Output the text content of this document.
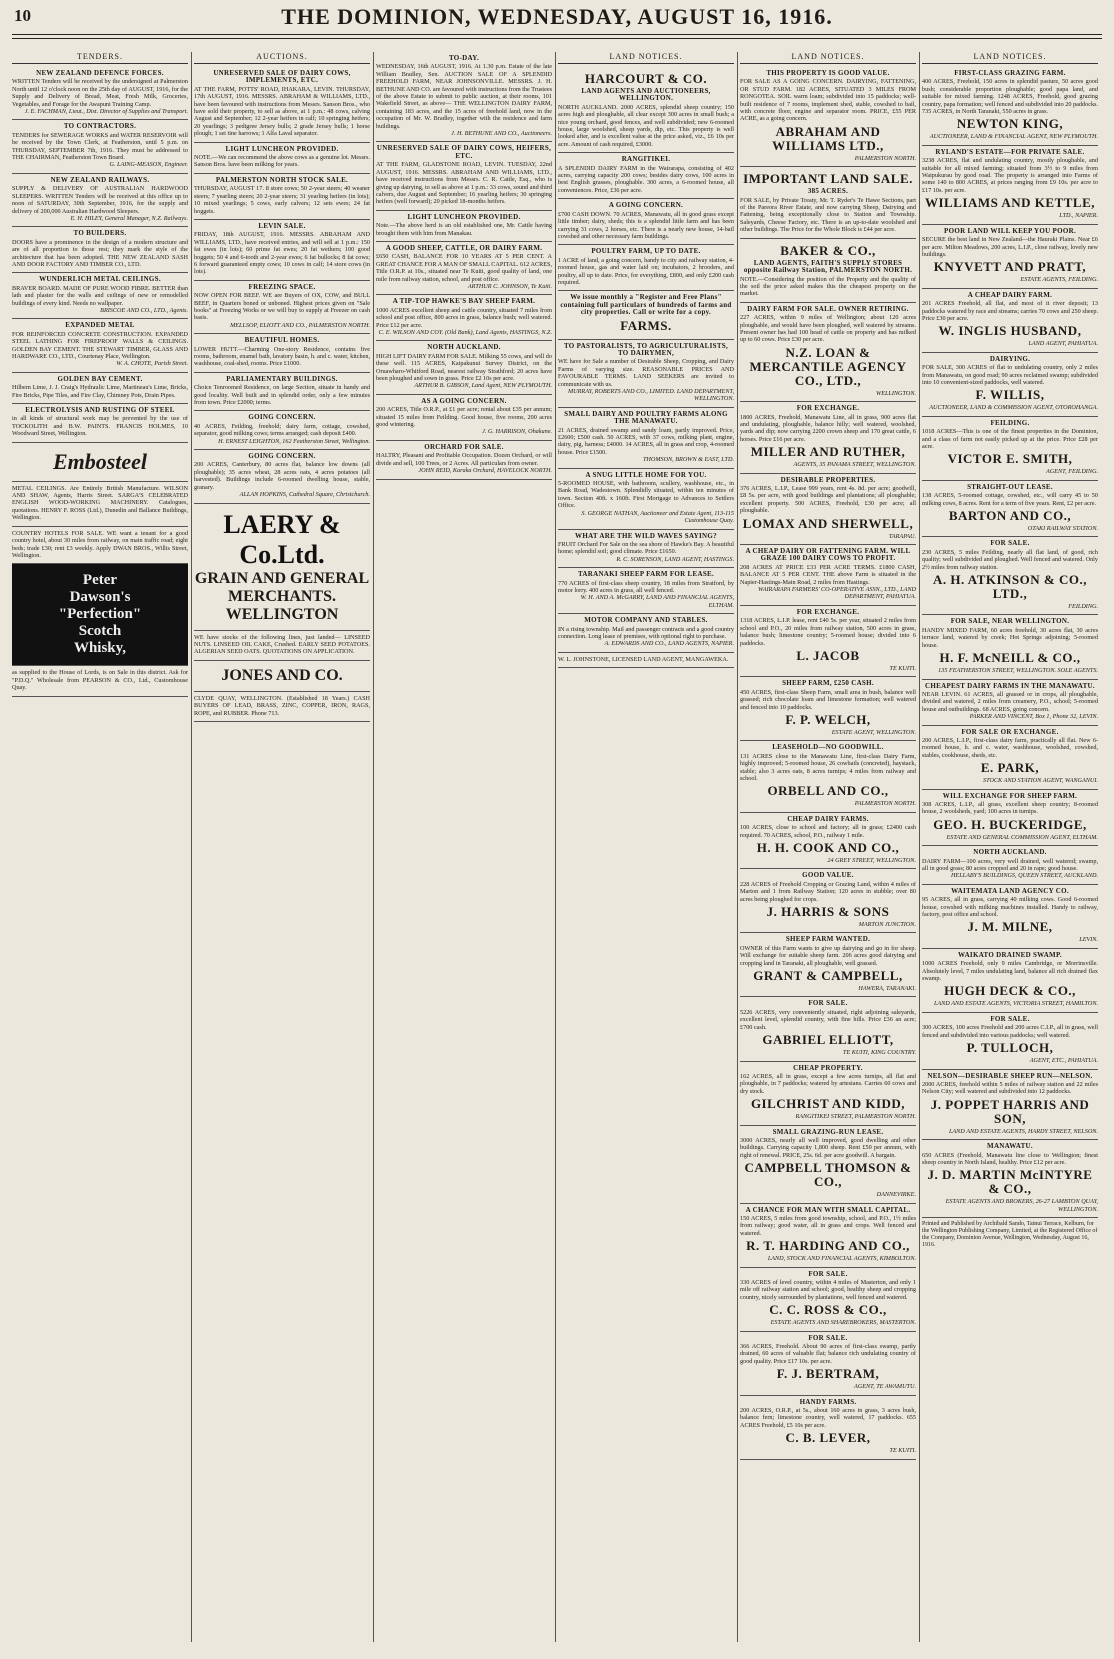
10	THE DOMINION, WEDNESDAY, AUGUST 16, 1916.
TENDERS.
NEW ZEALAND DEFENCE FORCES.
WRITTEN Tenders will be received by the undersigned at Palmerston North until 12 o'clock noon on the 25th day of AUGUST, 1916, for the Supply and Delivery of Bread, Meat, Fresh Milk, Groceries, Vegetables, and Forage for the Awapuni Training Camp.
J. E. FACHMAN, Lieut., Dist. Director of Supplies and Transport.
TO CONTRACTORS.
TENDERS for SEWERAGE WORKS and WATER RESERVOIR will be received by the Town Clerk, at Featherston, until 5 p.m. on THURSDAY, SEPTEMBER 7th, 1916. They must be addressed to THE CHAIRMAN, Featherston Town Board.
G. LAING-MEASON, Engineer.
NEW ZEALAND RAILWAYS.
SUPPLY & DELIVERY OF AUSTRALIAN HARDWOOD SLEEPERS. WRITTEN Tenders will be received at this office up to noon of SATURDAY, 30th September, 1916, for the supply and delivery of 200,000 Australian Hardwood Sleepers.
E. H. HILEY, General Manager, N.Z. Railways.
TO BUILDERS.
DOORS have a prominence in the design of a modern structure and are of all proportion to those rest; they mark the style of the architecture that has been adopted. THE NEW ZEALAND SASH AND DOOR FACTORY AND TIMBER CO., LTD.
WUNDERLICH METAL CEILINGS.
BRAVER BOARD. MADE OF PURE WOOD FIBRE. BETTER than lath and plaster for the walls and ceilings of new or remodelled buildings of every kind. Needs no wallpaper.
BRISCOE AND CO., LTD., Agents.
EXPANDED METAL
FOR REINFORCED CONCRETE CONSTRUCTION. EXPANDED STEEL LATHING FOR FIREPROOF WALLS & CEILINGS. GOLDEN BAY CEMENT. THE STEWART TIMBER, GLASS AND HARDWARE CO., LTD., Courtenay Place, Wellington.
W. A. CHOTE, Parish Street.
GOLDEN BAY CEMENT.
Hilbern Lime, J. J. Craig's Hydraulic Lime, Martineau's Lime, Bricks, Fire Bricks, Pipe Tiles, and Fire Clay, Chimney Pots, Drain Pipes.
ELECTROLYSIS AND RUSTING OF STEEL
in all kinds of structural work may be prevented by the use of TOCKOLITH and B.W. PAINTS. FRANCIS HOLMES, 10 Woodward Street, Wellington.
Embosteel
METAL CEILINGS. Are Entirely British Manufacture. WILSON AND SHAW, Agents, Harris Street. SARGA'S CELEBRATED ENGLISH WOOD-WORKING MACHINERY. Catalogues, quotations. HENRY F. ROSS (Ltd.), Dunedin and Ballance Buildings, Wellington.
COUNTRY HOTELS FOR SALE. WE want a tenant for a good country hotel, about 30 miles from railway, on main traffic road; eight beds; trade £30; rent £3 weekly. Apply DWAN BROS., Willis Street, Wellington.
Peter
Dawson's
"Perfection"
Scotch
Whisky,
as supplied to the House of Lords, is on Sale in this district. Ask for "P.D.Q." Wholesale from PEARSON & CO., Ltd., Customhouse Quay.
AUCTIONS.
UNRESERVED SALE OF DAIRY COWS, IMPLEMENTS, ETC.
AT THE FARM, POTTS' ROAD, IHAKARA, LEVIN. THURSDAY, 17th AUGUST, 1916. MESSRS. ABRAHAM & WILLIAMS, LTD., have been favoured with instructions from Messrs. Sanson Bros., who have sold their property, to sell as above, at 1 p.m.: 48 cows, calving August and September; 12 2-year heifers in calf; 10 springing heifers; 20 yearlings; 3 pedigree Jersey bulls; 2 grade Jersey bulls; 1 horse plough; 1 set tine harrows; 1 Alfa Laval separator.
LIGHT LUNCHEON PROVIDED.
NOTE.—We can recommend the above cows as a genuine lot. Messrs. Sanson Bros. have been milking for years.
PALMERSTON NORTH STOCK SALE.
THURSDAY, AUGUST 17. 8 store cows; 50 2-year steers; 40 weaner steers; 7 yearling steers; 20 2-year steers; 31 yearling heifers (in lots); 10 mixed yearlings; 5 cows, early calvers; 12 sets ewes; 24 fat hoggets.
LEVIN SALE.
FRIDAY, 18th AUGUST, 1916. MESSRS. ABRAHAM AND WILLIAMS, LTD., have received entries, and will sell at 1 p.m.: 150 fat ewes (in lots); 60 prime fat ewes; 20 fat wethers; 100 good hoggets; 50 4 and 6-tooth and 2-year ewes; 6 fat bullocks; 8 fat cows; 6 forward guaranteed empty cows; 10 cows in calf; 14 store cows (in lots).
FREEZING SPACE.
NOW OPEN FOR BEEF. WE are Buyers of OX, COW, and BULL BEEF, in Quarters boned or unboned. Highest prices given on "Sale books" at Freezing Works or we will buy to supply at Freezer on cash basis.
MELLSOP, ELIOTT AND CO., PALMERSTON NORTH.
BEAUTIFUL HOMES.
LOWER HUTT.—Charming One-story Residence, contains five rooms, bathroom, enamel bath, lavatory basin, h. and c. water, kitchen, washhouse, coal-shed, rooms. Price £1000.
PARLIAMENTARY BUILDINGS.
Choice Tenroomed Residence, on large Section, situate in handy and good locality. Well built and in splendid order, only a few minutes from town. Price £2000; terms.
GOING CONCERN.
40 ACRES, Feilding, freehold; dairy farm, cottage, cowshed, separator, good milking cows; terms arranged; cash deposit £400.
H. ERNEST LEIGHTON, 162 Featherston Street, Wellington.
GOING CONCERN.
200 ACRES, Canterbury, 80 acres flat, balance low downs (all ploughable); 35 acres wheat, 28 acres oats, 4 acres potatoes (all harvested). Buildings include 6-roomed dwelling house, stable, granary.
ALLAN HOPKINS, Cathedral Square, Christchurch.
LAERY & Co.Ltd.
GRAIN AND GENERAL MERCHANTS. WELLINGTON
WE have stocks of the following lines, just landed— LINSEED NUTS. LINSEED OIL CAKE, Crushed. EARLY SEED POTATOES. ALGERIAN SEED OATS. QUOTATIONS ON APPLICATION.
JONES AND CO.
CLYDE QUAY, WELLINGTON. (Established 18 Years.) CASH BUYERS OF LEAD, BRASS, ZINC, COPPER, IRON, RAGS, ROPE, and RUBBER. Phone 713.
TO-DAY.
WEDNESDAY, 16th AUGUST, 1916. At 1.30 p.m. Estate of the late William Bradley, Sen. AUCTION SALE OF A SPLENDID FREEHOLD FARM, NEAR JOHNSONVILLE. MESSRS. J. H. BETHUNE AND CO. are favoured with instructions from the Trustees of the above Estate to submit to public auction, at their rooms, 101 Wakefield Street, as above— THE WELLINGTON DAIRY FARM, containing 183 acres, and the 15 acres of freehold land, now in the occupation of Mr. W. Bradley, together with the residence and farm buildings.
J. H. BETHUNE AND CO., Auctioneers.
UNRESERVED SALE OF DAIRY COWS, HEIFERS, ETC.
AT THE FARM, GLADSTONE ROAD, LEVIN. TUESDAY, 22nd AUGUST, 1916. MESSRS. ABRAHAM AND WILLIAMS, LTD., have received instructions from Messrs. C. R. Cattle, Esq., who is giving up dairying, to sell as above at 1 p.m.: 33 cows, sound and third calvers, due August and September; 16 yearling heifers; 30 springing heifers (well forward); 20 picked 18-months heifers.
LIGHT LUNCHEON PROVIDED.
Note.—The above herd is an old established one, Mr. Cattle having brought them with him from Manakau.
A GOOD SHEEP, CATTLE, OR DAIRY FARM.
£650 CASH, BALANCE FOR 10 YEARS AT 5 PER CENT. A GREAT CHANCE FOR A MAN OF SMALL CAPITAL. 612 ACRES, Title O.R.P. at 10s., situated near Te Kuiti, good quality of land, one mile from railway station, school, and post office.
ARTHUR C. JOHNSON, Te Kuiti.
A TIP-TOP HAWKE'S BAY SHEEP FARM.
1000 ACRES excellent sheep and cattle country, situated 7 miles from school and post office, 800 acres in grass, balance bush; well watered. Price £12 per acre.
C. E. WILSON AND COY. (Old Bank), Land Agents, HASTINGS, N.Z.
NORTH AUCKLAND.
HIGH LIFT DAIRY FARM FOR SALE. Milking 55 cows, and will do these well. 115 ACRES, Kaipakunui Survey District, on the Oruawharo-Whitford Road, nearest railway Strathford; 20 acres have been ploughed and sown in grass. Price £2 10s per acre.
ARTHUR B. GIBSON, Land Agent, NEW PLYMOUTH.
AS A GOING CONCERN.
200 ACRES, Title O.R.P., at £1 per acre; rental about £35 per annum; situated 15 miles from Feilding. Good house, five rooms, 200 acres good wintering.
J. G. HARRISON, Ohakune.
ORCHARD FOR SALE.
HALTRY, Pleasant and Profitable Occupation. Dozen Orchard, or will divide and sell, 100 Trees, or 2 Acres. All particulars from owner.
JOHN REID, Karaka Orchard, HAVELOCK NORTH.
LAND NOTICES.
HARCOURT & CO.
LAND AGENTS AND AUCTIONEERS, WELLINGTON.
NORTH AUCKLAND. 2000 ACRES, splendid sheep country; 150 acres high and ploughable, all clear except 300 acres in small bush; a nice young orchard, good fences, and well subdivided; new 6-roomed house, large woolshed, sheep yards, dip, etc. This property is well looked after, and is excellent value at the price asked, viz., £6 10s per acre. Amount of cash required, £3000.
RANGITIKEI.
A SPLENDID DAIRY FARM in the Wairarapa, consisting of 402 acres, carrying capacity 200 cows; besides dairy cows, 100 acres in best English grasses, ploughable. 300 acres, a 6-roomed house, all conveniences. Price, £36 per acre.
A GOING CONCERN.
£700 CASH DOWN. 70 ACRES, Manawatu, all in good grass except little timber; dairy, sheds; this is a splendid little farm and has been carrying 31 cows, 2 horses, etc. There is a nearly new house, 14-bail cowshed and other necessary farm buildings.
POULTRY FARM, UP TO DATE.
1 ACRE of land, a going concern, handy to city and railway station, 4-roomed house, gas and water laid on; incubators, 2 brooders, and poultry, all up to date. Price, for everything, £800, and only £200 cash required.
We issue monthly a "Register and Free Plans" containing full particulars of hundreds of farms and city properties. Call or write for a copy.
FARMS.
TO PASTORALISTS, TO AGRICULTURALISTS, TO DAIRYMEN,
WE have for Sale a number of Desirable Sheep, Cropping, and Dairy Farms of varying size. REASONABLE PRICES AND FAVOURABLE TERMS. LAND SEEKERS are invited to communicate with us.
MURRAY, ROBERTS AND CO., LIMITED. LAND DEPARTMENT, WELLINGTON.
SMALL DAIRY AND POULTRY FARMS ALONG THE MANAWATU.
21 ACRES, drained swamp and sandy loam, partly improved. Price, £2600; £500 cash. 50 ACRES, with 37 cows, milking plant, engine, dairy, pig, harness; £4000. 14 ACRES, all in grass and crop, 4-roomed house. Price £1500.
THOMSON, BROWN & EAST, LTD.
A SNUG LITTLE HOME FOR YOU.
5-ROOMED HOUSE, with bathroom, scullery, washhouse, etc., in Bank Road, Wadestown. Splendidly situated, within ten minutes of town. Section 40ft. x 160ft. First Mortgage to Advances to Settlers Office.
S. GEORGE NATHAN, Auctioneer and Estate Agent, 113-115 Customhouse Quay.
WHAT ARE THE WILD WAVES SAYING?
FRUIT Orchard For Sale on the sea shore of Hawke's Bay. A beautiful home; splendid soil; good climate. Price £1650.
R. C. SORENSON, LAND AGENT, HASTINGS.
TARANAKI SHEEP FARM FOR LEASE.
770 ACRES of first-class sheep country, 18 miles from Stratford, by motor lorry. 400 acres in grass, all well fenced.
W. H. AND A. McGARRY, LAND AND FINANCIAL AGENTS, ELTHAM.
MOTOR COMPANY AND STABLES.
IN a rising township. Mail and passenger contracts and a good country connection. Long lease of premises, with optional right to purchase.
A. EDWARDS AND CO., LAND AGENTS, NAPIER.
W. L. JOHNSTONE, LICENSED LAND AGENT, MANGAWEKA.
LAND NOTICES.
THIS PROPERTY IS GOOD VALUE.
FOR SALE AS A GOING CONCERN. DAIRYING, FATTENING, OR STUD FARM. 182 ACRES, SITUATED 3 MILES FROM RONGOTEA. SOIL warm loam; subdivided into 15 paddocks; well-built residence of 7 rooms, implement shed, stable, cowshed to bail, with concrete floor, engine and separator room. PRICE, £55 PER ACRE, as a going concern.
ABRAHAM AND WILLIAMS LTD.,
PALMERSTON NORTH.
IMPORTANT LAND SALE.
385 ACRES.
FOR SALE, by Private Treaty, Mr. T. Ryder's Te Hawe Sections, part of the Pareora River Estate, and now carrying Sheep, Dairying and Fattening, being exceptionally close to Station and Township. Saleyards, Cheese Factory, etc. There is an up-to-date woolshed and other buildings. The Price for the Whole Block is £44 per acre.
BAKER & CO.,
LAND AGENTS, FAITH'S SUPPLY STORES opposite Railway Station, PALMERSTON NORTH.
NOTE.—Considering the position of the Property and the quality of the soil the price asked makes this the cheapest property on the market.
DAIRY FARM FOR SALE. OWNER RETIRING.
227 ACRES, within 9 miles of Wellington; about 120 acres ploughable, and would have been ploughed, well watered by streams. Present owner has had 100 head of cattle on property and has milked up to 60 cows. Price £30 per acre.
N.Z. LOAN & MERCANTILE AGENCY CO., LTD.,
WELLINGTON.
FOR EXCHANGE.
1800 ACRES, Freehold, Manawatu Line, all in grass, 900 acres flat and undulating, ploughable, balance hilly; well watered, woolshed, yards and dip; now carrying 2200 crown sheep and 170 great cattle, 6 horses. Price £16 per acre.
MILLER AND RUTHER,
AGENTS, 35 PANAMA STREET, WELLINGTON.
DESIRABLE PROPERTIES.
376 ACRES, L.I.P., Lease 999 years, rent 4s. 8d. per acre; goodwill, £8 5s. per acre, with good buildings and plantations; all ploughable; excellent property. 500 ACRES, Freehold, £30 per acre; all ploughable.
LOMAX AND SHERWELL,
TARAPAU.
A CHEAP DAIRY OR FATTENING FARM. WILL GRAZE 100 DAIRY COWS TO PROFIT.
208 ACRES AT PRICE £33 PER ACRE TERMS. £1800 CASH, BALANCE AT 5 PER CENT. THE above Farm is situated in the Napier-Hastings-Main Road, 2 miles from Hastings.
WAIRARAPA FARMERS' CO-OPERATIVE ASSN., LTD., LAND DEPARTMENT, PAHIATUA.
FOR EXCHANGE.
1318 ACRES, L.I.P. lease, rent £40 5s. per year, situated 2 miles from school and P.O., 20 miles from railway station, 500 acres in grass, balance bush; limestone country; 5-roomed house; divided into 6 paddocks.
L. JACOB
TE KUITI.
SHEEP FARM, £250 CASH.
450 ACRES, first-class Sheep Farm, small area in bush, balance well grassed; rich chocolate loam and limestone formation; well watered and fenced into 10 paddocks.
F. P. WELCH,
ESTATE AGENT, WELLINGTON.
LEASEHOLD—NO GOODWILL.
131 ACRES close to the Manawatu Line, first-class Dairy Farm, highly improved; 5-roomed house, 26 cowbails (concreted), haystack, stable; also 3 acres oats, 8 acres turnips; 4 miles from railway and school.
ORBELL AND CO.,
PALMERSTON NORTH.
CHEAP DAIRY FARMS.
100 ACRES, close to school and factory; all in grass; £2400 cash required. 70 ACRES, school, P.O., railway 1 mile.
H. H. COOK AND CO.,
24 GREY STREET, WELLINGTON.
GOOD VALUE.
228 ACRES of Freehold Cropping or Grazing Land, within 4 miles of Marton and 1 from Railway Station; 120 acres in stubble; over 80 acres being ploughed for crops.
J. HARRIS & SONS
MARTON JUNCTION.
SHEEP FARM WANTED.
OWNER of this Farm wants to give up dairying and go in for sheep. Will exchange for suitable sheep farm. 206 acres good dairying and cropping land in Taranaki, all ploughable, well grassed.
GRANT & CAMPBELL,
HAWERA, TARANAKI.
FOR SALE.
5226 ACRES, very conveniently situated, right adjoining saleyards, excellent level, splendid country, with fine hills. Price £36 an acre; £700 cash.
GABRIEL ELLIOTT,
TE KUITI, KING COUNTRY.
CHEAP PROPERTY.
162 ACRES, all in grass, except a few acres turnips, all flat and ploughable, in 7 paddocks; watered by artesians. Carries 60 cows and dry stock.
GILCHRIST AND KIDD,
RANGITIKEI STREET, PALMERSTON NORTH.
SMALL GRAZING-RUN LEASE.
3000 ACRES, nearly all well improved, good dwelling and other buildings. Carrying capacity 1,800 sheep. Rent £50 per annum, with right of renewal. PRICE, 25s. 6d. per acre goodwill. A bargain.
CAMPBELL THOMSON & CO.,
DANNEVIRKE.
A CHANCE FOR MAN WITH SMALL CAPITAL.
150 ACRES, 5 miles from good township, school, and P.O., 1½ miles from railway; good water, all in grass and crops. Well fenced and watered.
R. T. HARDING AND CO.,
LAND, STOCK AND FINANCIAL AGENTS, KIMBOLTON.
FOR SALE.
330 ACRES of level country, within 4 miles of Masterton, and only 1 mile off railway station and school; good, healthy sheep and cropping country, nicely surrounded by plantations, well fenced and watered.
C. C. ROSS & CO.,
ESTATE AGENTS AND SHAREBROKERS, MASTERTON.
FOR SALE.
366 ACRES, Freehold. About 90 acres of first-class swamp, partly drained, 60 acres of valuable flat; balance rich undulating country of good quality. Price £17 10s. per acre.
F. J. BERTRAM,
AGENT, TE AWAMUTU.
HANDY FARMS.
200 ACRES, O.R.P., at 5s., about 160 acres in grass, 3 acres bush, balance fern; limestone country, well watered, 17 paddocks. 655 ACRES Freehold, £5 10s per acre.
C. B. LEVER,
TE KUITI.
LAND NOTICES.
FIRST-CLASS GRAZING FARM.
400 ACRES, Freehold, 150 acres in splendid pasture, 50 acres good bush; considerable proportion ploughable; good papa land, and suitable for mixed farming. 1248 ACRES, Freehold, good grazing country, papa formation; well fenced and subdivided into 20 paddocks. 735 ACRES, in North Taranaki, 550 acres in grass.
NEWTON KING,
AUCTIONEER, LAND & FINANCIAL AGENT, NEW PLYMOUTH.
RYLAND'S ESTATE—FOR PRIVATE SALE.
3238 ACRES, flat and undulating country, mostly ploughable, and suitable for all mixed farming; situated from 3½ to 9 miles from Waipukurau by good road. The property is arranged into Farms of some 140 to 800 ACRES, at prices ranging from £9 10s. per acre to £17 10s. per acre.
WILLIAMS AND KETTLE,
LTD., NAPIER.
POOR LAND WILL KEEP YOU POOR.
SECURE the best land in New Zealand—the Hauraki Plains. Near £6 per acre. Milton Meadows, 200 acres, L.I.P., close railway, lovely new buildings.
KNYVETT AND PRATT,
ESTATE AGENTS, FEILDING.
A CHEAP DAIRY FARM.
201 ACRES Freehold, all flat, and most of it river deposit; 13 paddocks watered by race and streams; carries 70 cows and 250 sheep. Price £30 per acre.
W. INGLIS HUSBAND,
LAND AGENT, PAHIATUA.
DAIRYING.
FOR SALE, 300 ACRES of flat to undulating country, only 2 miles from Manawatu, on good road; 90 acres reclaimed swamp; subdivided into 10 convenient-sized paddocks, well watered.
F. WILLIS,
AUCTIONEER, LAND & COMMISSION AGENT, OTOROHANGA.
FEILDING.
1018 ACRES—This is one of the finest properties in the Dominion, and a class of farm not easily picked up at the price. Price £28 per acre.
VICTOR E. SMITH,
AGENT, FEILDING.
STRAIGHT-OUT LEASE.
138 ACRES, 5-roomed cottage, cowshed, etc., will carry 45 to 50 milking cows, 8 acres. Rent for a term of five years. Rent, £2 per acre.
BARTON AND CO.,
OTAKI RAILWAY STATION.
FOR SALE.
230 ACRES, 5 miles Feilding, nearly all flat land, of good, rich quality; well subdivided and ploughed. Well fenced and watered. Only 2½ miles from railway station.
A. H. ATKINSON & CO., LTD.,
FEILDING.
FOR SALE, NEAR WELLINGTON.
HANDY MIXED FARM, 60 acres freehold, 30 acres flat, 30 acres terrace land, watered by creek; Hot Springs adjoining; 5-roomed house.
H. F. McNEILL & CO.,
135 FEATHERSTON STREET, WELLINGTON. SOLE AGENTS.
CHEAPEST DAIRY FARMS IN THE MANAWATU.
NEAR LEVIN. 61 ACRES, all grassed or in crops, all ploughable, divided and watered, 2 miles from creamery, P.O., school; 5-roomed house and outbuildings. 68 ACRES, going concern.
PARKER AND VINCENT, Box 1, Phone 32, LEVIN.
FOR SALE OR EXCHANGE.
200 ACRES, L.I.P., first-class dairy farm, practically all flat. New 6-roomed house, h. and c. water, washhouse, woolshed, cowshed, stables, cookhouse, sheds, etc.
E. PARK,
STOCK AND STATION AGENT, WANGANUI.
WILL EXCHANGE FOR SHEEP FARM.
308 ACRES, L.I.P., all grass, excellent sheep country; 8-roomed house, 2 woolsheds, yard; 100 acres in turnips.
GEO. H. BUCKERIDGE,
ESTATE AND GENERAL COMMISSION AGENT, ELTHAM.
NORTH AUCKLAND.
DAIRY FARM—100 acres, very well drained, well watered; swamp, all in good grass; 80 acres cropped and 20 in rape; good house.
HELLABY'S BUILDINGS, QUEEN STREET, AUCKLAND.
WAITEMATA LAND AGENCY CO.
95 ACRES, all in grass, carrying 40 milking cows. Good 6-roomed house, cowshed with milking machines installed. Handy to railway, factory, post office and school.
J. M. MILNE,
LEVIN.
WAIKATO DRAINED SWAMP.
1000 ACRES Freehold, only 9 miles Cambridge, or Morrinsville. Absolutely level, 7 miles undulating land, balance all rich drained flax swamp.
HUGH DECK & CO.,
LAND AND ESTATE AGENTS, VICTORIA STREET, HAMILTON.
FOR SALE.
300 ACRES, 100 acres Freehold and 200 acres C.I.P., all in grass, well fenced and subdivided into various paddocks; well watered.
P. TULLOCH,
AGENT, ETC., PAHIATUA.
NELSON—DESIRABLE SHEEP RUN—NELSON.
2000 ACRES, freehold within 5 miles of railway station and 22 miles Nelson City; well watered and subdivided into 12 paddocks.
J. POPPET HARRIS AND SON,
LAND AND ESTATE AGENTS, HARDY STREET, NELSON.
MANAWATU.
650 ACRES (Freehold, Manawatu line close to Wellington; finest sheep country in North Island, healthy. Price £12 per acre.
J. D. MARTIN McINTYRE & CO.,
ESTATE AGENTS AND BROKERS, 26-27 LAMBTON QUAY, WELLINGTON.
Printed and Published by Archibald Sando, Tainui Terrace, Kelburn, for the Wellington Publishing Company, Limited, at the Registered Office of the Company, Dominion Avenue, Wellington, Wednesday, August 16, 1916.
